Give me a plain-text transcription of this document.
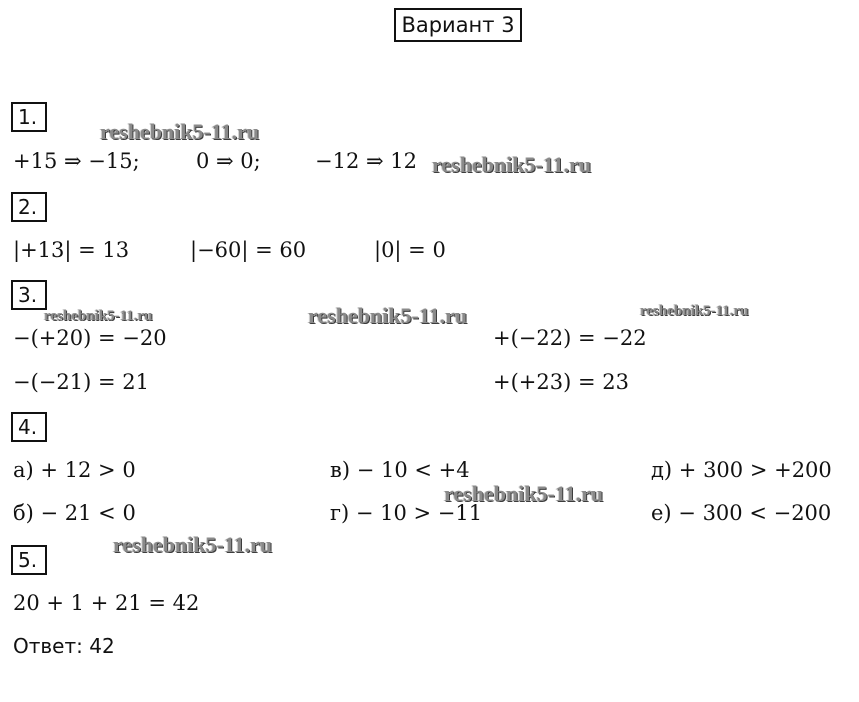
Вариант 3
1.
+15 ⇒ −15;	0 ⇒ 0;	−12 ⇒ 12
2.
|+13| = 13	|−60| = 60	|0| = 0
3.
−(+20) = −20	+(−22) = −22
−(−21) = 21	+(+23) = 23
4.
а) + 12 > 0	в) − 10 < +4	д) + 300 > +200
б) − 21 < 0	г) − 10 > −11	е) − 300 < −200
5.
20 + 1 + 21 = 42
Ответ: 42
reshebnik5-11.ru
reshebnik5-11.ru
reshebnik5-11.ru	reshebnik5-11.ru	reshebnik5-11.ru
reshebnik5-11.ru
reshebnik5-11.ru
